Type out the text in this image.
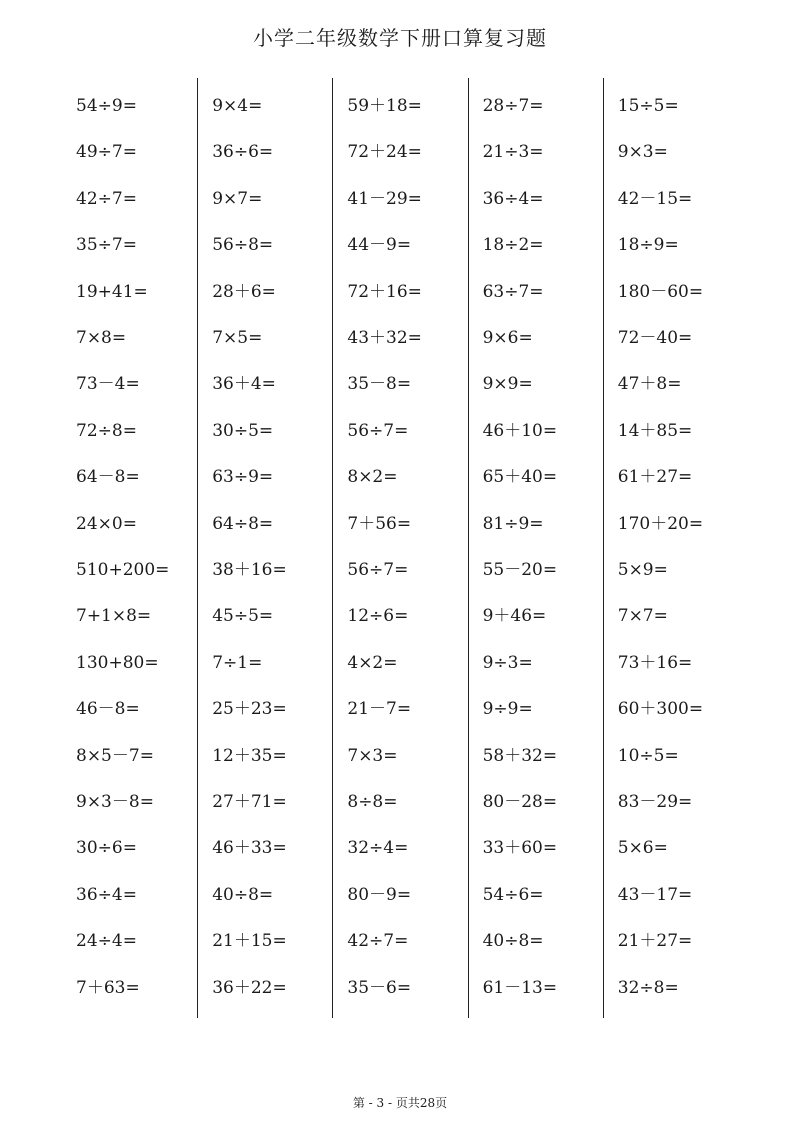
小学二年级数学下册口算复习题
54÷9=
49÷7=
42÷7=
35÷7=
19+41=
7×8=
73－4=
72÷8=
64－8=
24×0=
510+200=
7+1×8=
130+80=
46－8=
8×5－7=
9×3－8=
30÷6=
36÷4=
24÷4=
7＋63=
9×4=
36÷6=
9×7=
56÷8=
28＋6=
7×5=
36＋4=
30÷5=
63÷9=
64÷8=
38＋16=
45÷5=
7÷1=
25＋23=
12＋35=
27＋71=
46＋33=
40÷8=
21＋15=
36＋22=
59＋18=
72＋24=
41－29=
44－9=
72＋16=
43＋32=
35－8=
56÷7=
8×2=
7＋56=
56÷7=
12÷6=
4×2=
21－7=
7×3=
8÷8=
32÷4=
80－9=
42÷7=
35－6=
28÷7=
21÷3=
36÷4=
18÷2=
63÷7=
9×6=
9×9=
46＋10=
65＋40=
81÷9=
55－20=
9＋46=
9÷3=
9÷9=
58＋32=
80－28=
33＋60=
54÷6=
40÷8=
61－13=
15÷5=
9×3=
42－15=
18÷9=
180－60=
72－40=
47＋8=
14＋85=
61＋27=
170＋20=
5×9=
7×7=
73＋16=
60＋300=
10÷5=
83－29=
5×6=
43－17=
21＋27=
32÷8=
第 - 3 - 页共28页
